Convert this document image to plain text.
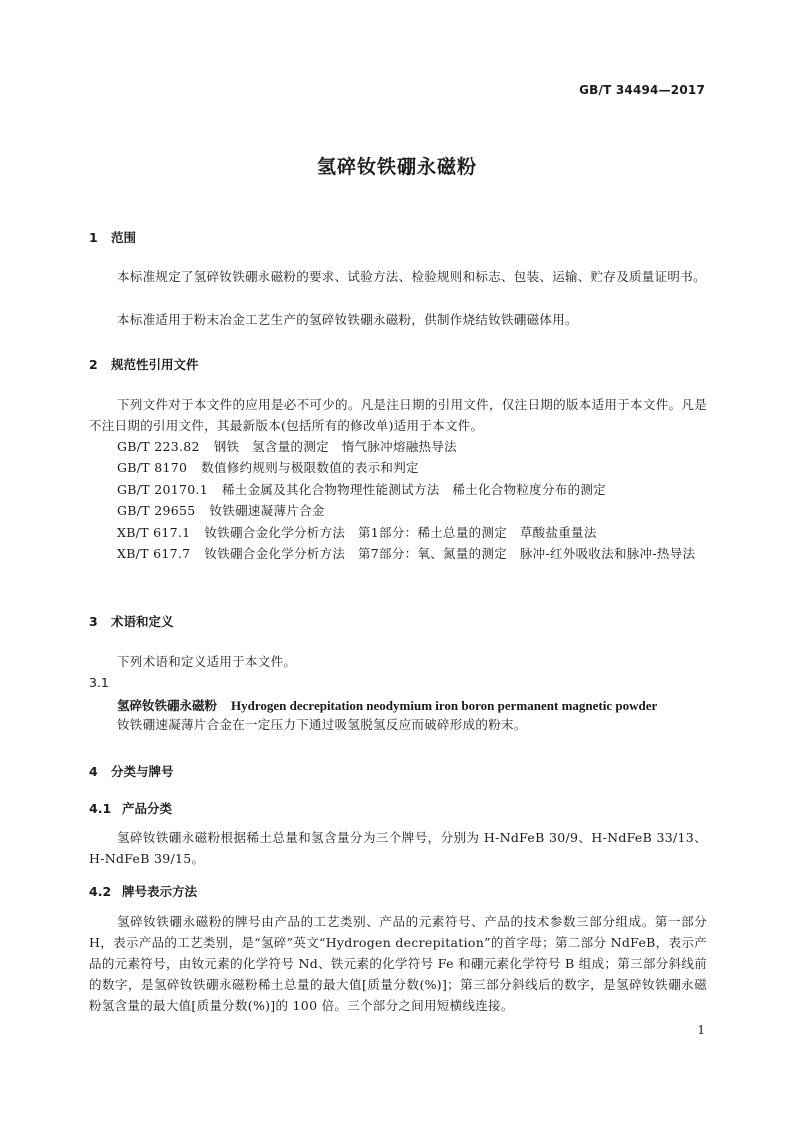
GB/T 34494—2017
氢碎钕铁硼永磁粉
1 范围
本标准规定了氢碎钕铁硼永磁粉的要求、试验方法、检验规则和标志、包装、运输、贮存及质量证明书。
本标准适用于粉末冶金工艺生产的氢碎钕铁硼永磁粉，供制作烧结钕铁硼磁体用。
2 规范性引用文件
下列文件对于本文件的应用是必不可少的。凡是注日期的引用文件，仅注日期的版本适用于本文件。凡是不注日期的引用文件，其最新版本(包括所有的修改单)适用于本文件。
GB/T 223.82 钢铁　氢含量的测定　惰气脉冲熔融热导法
GB/T 8170 数值修约规则与极限数值的表示和判定
GB/T 20170.1 稀土金属及其化合物物理性能测试方法　稀土化合物粒度分布的测定
GB/T 29655 钕铁硼速凝薄片合金
XB/T 617.1 钕铁硼合金化学分析方法　第1部分：稀土总量的测定　草酸盐重量法
XB/T 617.7 钕铁硼合金化学分析方法　第7部分：氧、氮量的测定　脉冲-红外吸收法和脉冲-热导法
3 术语和定义
下列术语和定义适用于本文件。
3.1
氢碎钕铁硼永磁粉 Hydrogen decrepitation neodymium iron boron permanent magnetic powder
钕铁硼速凝薄片合金在一定压力下通过吸氢脱氢反应而破碎形成的粉末。
4 分类与牌号
4.1 产品分类
氢碎钕铁硼永磁粉根据稀土总量和氢含量分为三个牌号，分别为 H-NdFeB 30/9、H-NdFeB 33/13、H-NdFeB 39/15。
4.2 牌号表示方法
氢碎钕铁硼永磁粉的牌号由产品的工艺类别、产品的元素符号、产品的技术参数三部分组成。第一部分 H，表示产品的工艺类别，是“氢碎”英文“Hydrogen decrepitation”的首字母；第二部分 NdFeB，表示产品的元素符号，由钕元素的化学符号 Nd、铁元素的化学符号 Fe 和硼元素化学符号 B 组成；第三部分斜线前的数字，是氢碎钕铁硼永磁粉稀土总量的最大值[质量分数(%)]；第三部分斜线后的数字，是氢碎钕铁硼永磁粉氢含量的最大值[质量分数(%)]的 100 倍。三个部分之间用短横线连接。
1
